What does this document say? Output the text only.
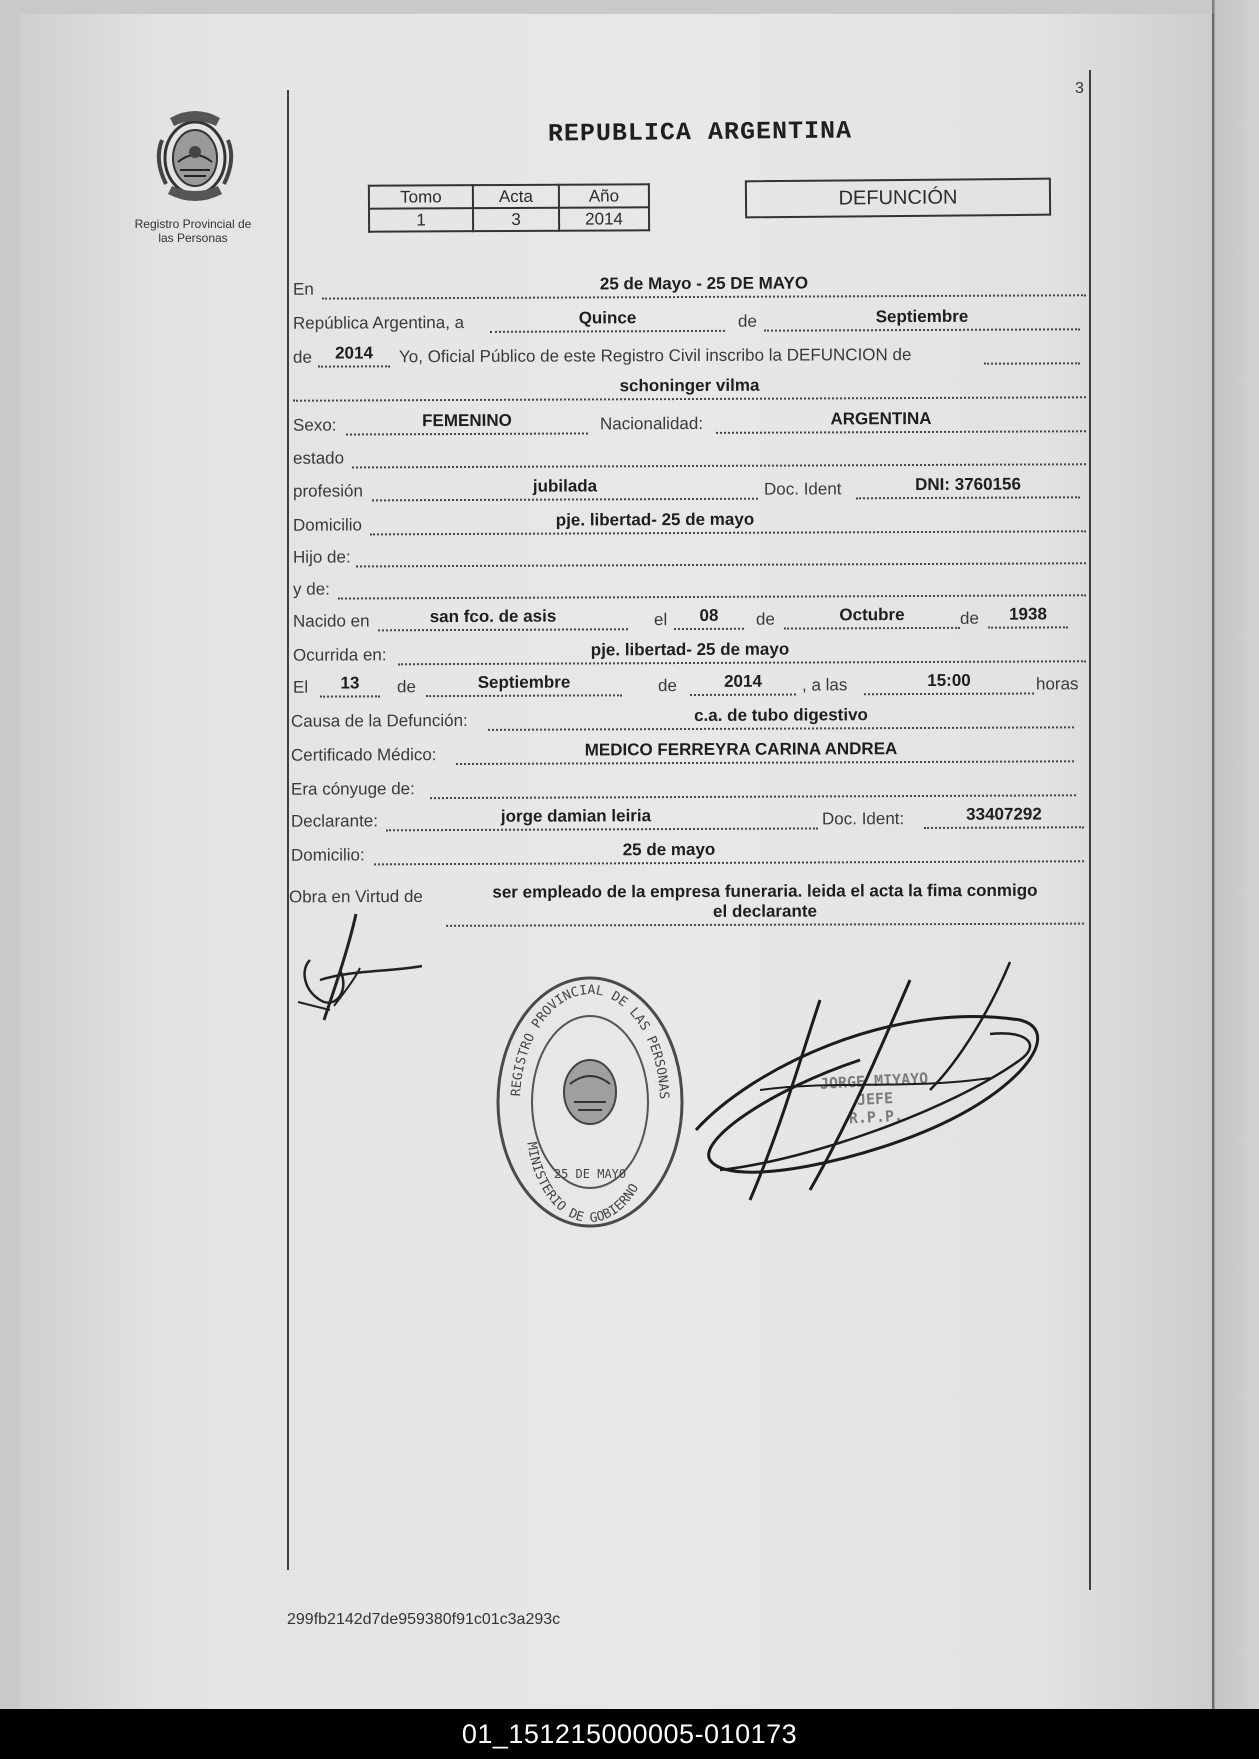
3
Registro Provincial de
las Personas
REPUBLICA ARGENTINA
Tomo	Acta	Año
1	3	2014
DEFUNCIÓN
En	25 de Mayo - 25 DE MAYO
República Argentina, a	Quince	de	Septiembre
de	2014	Yo, Oficial Público de este Registro Civil inscribo la DEFUNCION de
schoninger vilma
Sexo:	FEMENINO	Nacionalidad:	ARGENTINA
estado
profesión	jubilada	Doc. Ident	DNI: 3760156
Domicilio	pje. libertad- 25 de mayo
Hijo de:
y de:
Nacido en	san fco. de asis	el	08	de	Octubre	de	1938
Ocurrida en:	pje. libertad- 25 de mayo
El	13	de	Septiembre	de	2014	, a las	15:00	horas
Causa de la Defunción:	c.a. de tubo digestivo
Certificado Médico:	MEDICO FERREYRA CARINA ANDREA
Era cónyuge de:
Declarante:	jorge damian leiria	Doc. Ident:	33407292
Domicilio:	25 de mayo
Obra en Virtud de	ser empleado de la empresa funeraria. leida el acta la fima conmigo
el declarante
REGISTRO PROVINCIAL DE LAS PERSONAS
MINISTERIO DE GOBIERNO
25 DE MAYO
JORGE MIYAYO
JEFE
R.P.P.
299fb2142d7de959380f91c01c3a293c
01_151215000005-010173
